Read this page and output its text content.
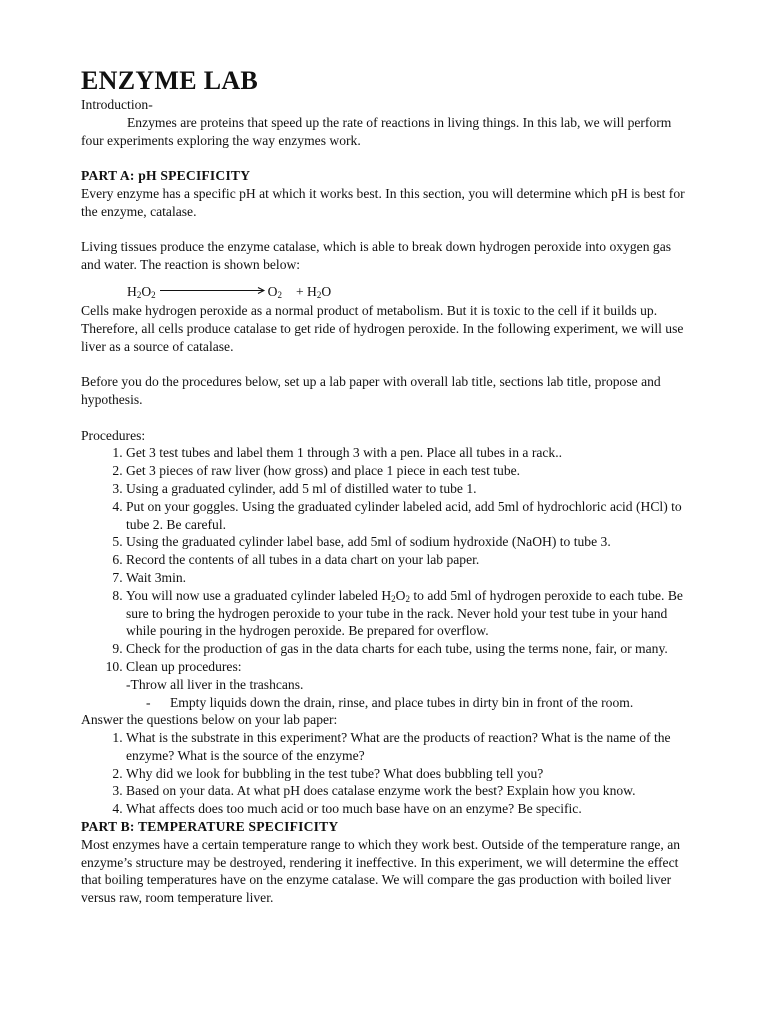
ENZYME LAB

Introduction-

Enzymes are proteins that speed up the rate of reactions in living things. In this lab, we will perform four experiments exploring the way enzymes work.

PART A: pH SPECIFICITY

Every enzyme has a specific pH at which it works best. In this section, you will determine which pH is best for the enzyme, catalase.

Living tissues produce the enzyme catalase, which is able to break down hydrogen peroxide into oxygen gas and water. The reaction is shown below:

$H_2O_2$	$O_2 + H_2O$

Cells make hydrogen peroxide as a normal product of metabolism. But it is toxic to the cell if it builds up. Therefore, all cells produce catalase to get ride of hydrogen peroxide. In the following experiment, we will use liver as a source of catalase.

Before you do the procedures below, set up a lab paper with overall lab title, sections lab title, propose and hypothesis.

Procedures:

1. Get 3 test tubes and label them 1 through 3 with a pen. Place all tubes in a rack..
2. Get 3 pieces of raw liver (how gross) and place 1 piece in each test tube.
3. Using a graduated cylinder, add 5 ml of distilled water to tube 1.
4. Put on your goggles. Using the graduated cylinder labeled acid, add 5ml of hydrochloric acid (HCl) to tube 2. Be careful.
5. Using the graduated cylinder label base, add 5ml of sodium hydroxide (NaOH) to tube 3.
6. Record the contents of all tubes in a data chart on your lab paper.
7. Wait 3min.
8. You will now use a graduated cylinder labeled $H_2O_2$ to add 5ml of hydrogen peroxide to each tube. Be sure to bring the hydrogen peroxide to your tube in the rack. Never hold your test tube in your hand while pouring in the hydrogen peroxide. Be prepared for overflow.
9. Check for the production of gas in the data charts for each tube, using the terms none, fair, or many.
10. Clean up procedures:
-Throw all liver in the trashcans.
- Empty liquids down the drain, rinse, and place tubes in dirty bin in front of the room.

Answer the questions below on your lab paper:

1. What is the substrate in this experiment? What are the products of reaction? What is the name of the enzyme? What is the source of the enzyme?
2. Why did we look for bubbling in the test tube? What does bubbling tell you?
3. Based on your data. At what pH does catalase enzyme work the best? Explain how you know.
4. What affects does too much acid or too much base have on an enzyme? Be specific.

PART B: TEMPERATURE SPECIFICITY

Most enzymes have a certain temperature range to which they work best. Outside of the temperature range, an enzyme’s structure may be destroyed, rendering it ineffective. In this experiment, we will determine the effect that boiling temperatures have on the enzyme catalase. We will compare the gas production with boiled liver versus raw, room temperature liver.
